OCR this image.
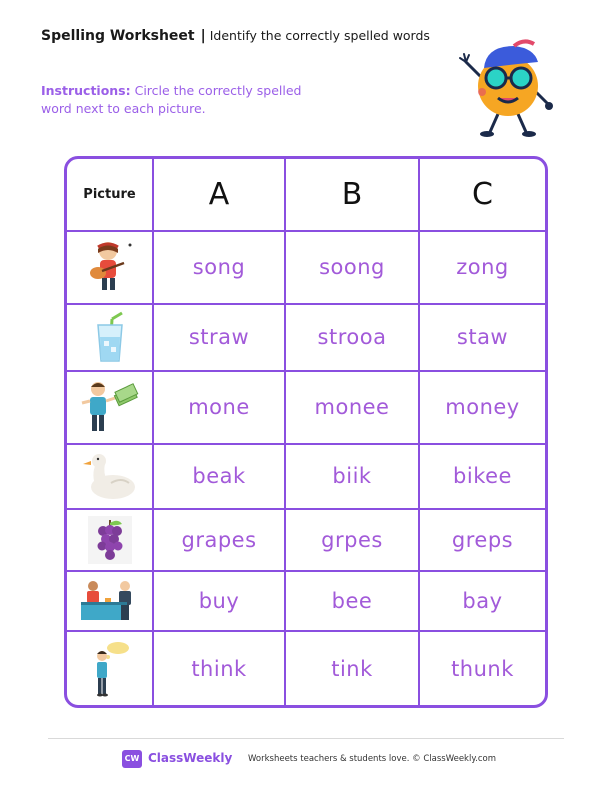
Spelling Worksheet | Identify the correctly spelled words
Instructions: Circle the correctly spelled word next to each picture.
Picture	A	B	C

	song	soong	zong

	straw	strooa	staw

	mone	monee	money

	beak	biik	bikee

	grapes	grpes	greps

	buy	bee	bay

	think	tink	thunk
CW ClassWeekly Worksheets teachers & students love. © ClassWeekly.com
